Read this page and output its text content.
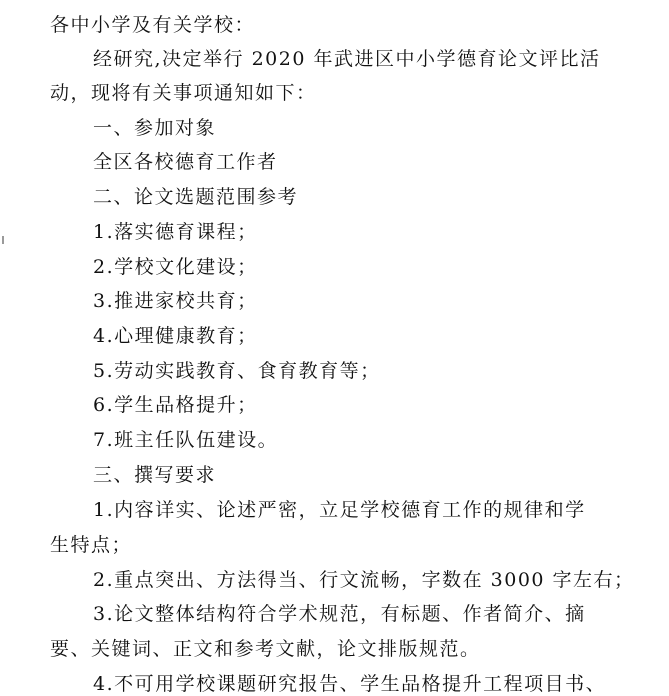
各中小学及有关学校：
经研究,决定举行 2020 年武进区中小学德育论文评比活
动，现将有关事项通知如下：
一、参加对象
全区各校德育工作者
二、论文选题范围参考
1.落实德育课程；
2.学校文化建设；
3.推进家校共育；
4.心理健康教育；
5.劳动实践教育、食育教育等；
6.学生品格提升；
7.班主任队伍建设。
三、撰写要求
1.内容详实、论述严密，立足学校德育工作的规律和学
生特点；
2.重点突出、方法得当、行文流畅，字数在 3000 字左右；
3.论文整体结构符合学术规范，有标题、作者简介、摘
要、关键词、正文和参考文献，论文排版规范。
4.不可用学校课题研究报告、学生品格提升工程项目书、
